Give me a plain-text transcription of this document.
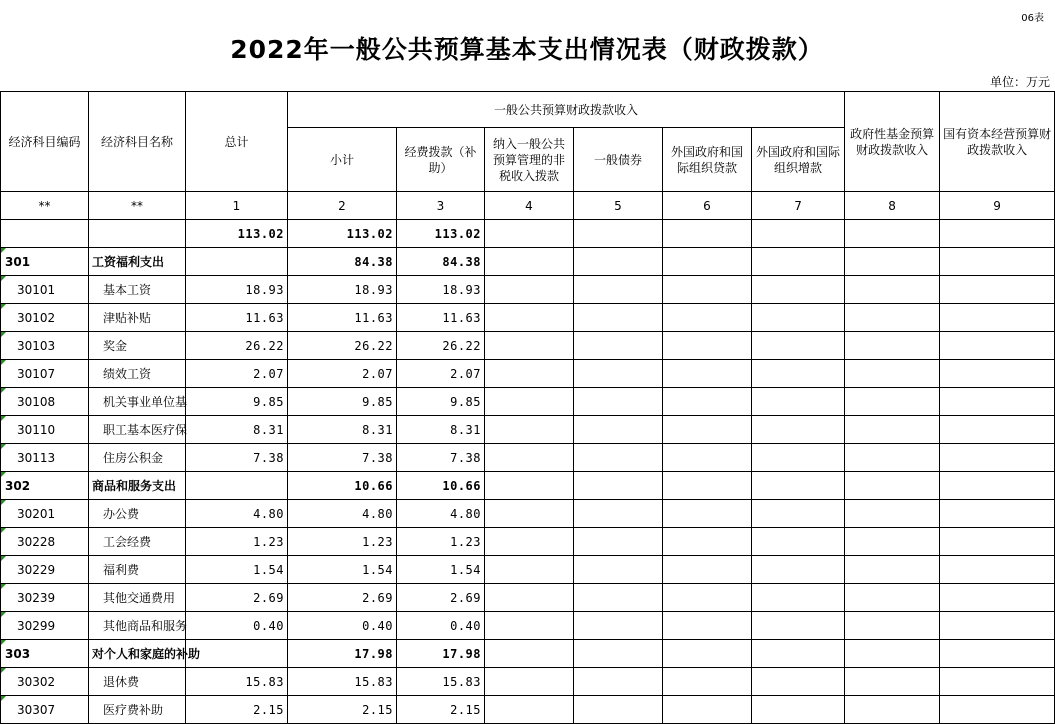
06表
2022年一般公共预算基本支出情况表（财政拨款）
单位：万元
经济科目编码	经济科目名称	总计	一般公共预算财政拨款收入						政府性基金预算财政拨款收入	国有资本经营预算财政拨款收入
			小计	经费拨款（补助）	纳入一般公共预算管理的非税收入拨款	一般债券	外国政府和国际组织贷款	外国政府和国际组织增款		
**	**	1	2	3	4	5	6	7	8	9
		113.02	113.02	113.02						
301	工资福利支出		84.38	84.38						
30101	基本工资	18.93	18.93	18.93						
30102	津贴补贴	11.63	11.63	11.63						
30103	奖金	26.22	26.22	26.22						
30107	绩效工资	2.07	2.07	2.07						
30108	机关事业单位基	9.85	9.85	9.85						
30110	职工基本医疗保	8.31	8.31	8.31						
30113	住房公积金	7.38	7.38	7.38						
302	商品和服务支出		10.66	10.66						
30201	办公费	4.80	4.80	4.80						
30228	工会经费	1.23	1.23	1.23						
30229	福利费	1.54	1.54	1.54						
30239	其他交通费用	2.69	2.69	2.69						
30299	其他商品和服务	0.40	0.40	0.40						
303	对个人和家庭的补助		17.98	17.98						
30302	退休费	15.83	15.83	15.83						
30307	医疗费补助	2.15	2.15	2.15						
